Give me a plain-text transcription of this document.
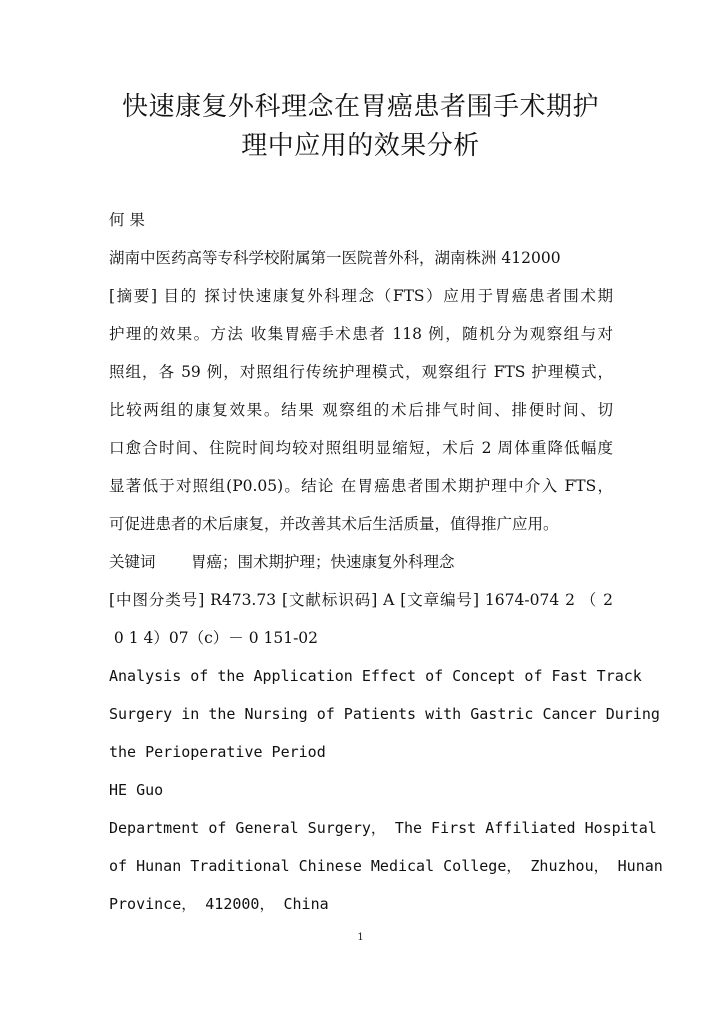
快速康复外科理念在胃癌患者围手术期护
理中应用的效果分析
何 果
湖南中医药高等专科学校附属第一医院普外科，湖南株洲 412000
[摘要] 目的 探讨快速康复外科理念（FTS）应用于胃癌患者围术期
护理的效果。方法 收集胃癌手术患者 118 例，随机分为观察组与对
照组，各 59 例，对照组行传统护理模式，观察组行 FTS 护理模式，
比较两组的康复效果。结果 观察组的术后排气时间、排便时间、切
口愈合时间、住院时间均较对照组明显缩短，术后 2 周体重降低幅度
显著低于对照组(P0.05)。结论 在胃癌患者围术期护理中介入 FTS，
可促进患者的术后康复，并改善其术后生活质量，值得推广应用。
关键词 胃癌；围术期护理；快速康复外科理念
[中图分类号] R473.73 [文献标识码] A [文章编号] 1674-074 2 （ 2
0 1 4）07（c）－ 0 151-02
Analysis of the Application Effect of Concept of Fast Track
Surgery in the Nursing of Patients with Gastric Cancer During
the Perioperative Period
HE Guo
Department of General Surgery， The First Affiliated Hospital
of Hunan Traditional Chinese Medical College， Zhuzhou， Hunan
Province， 412000， China
1
